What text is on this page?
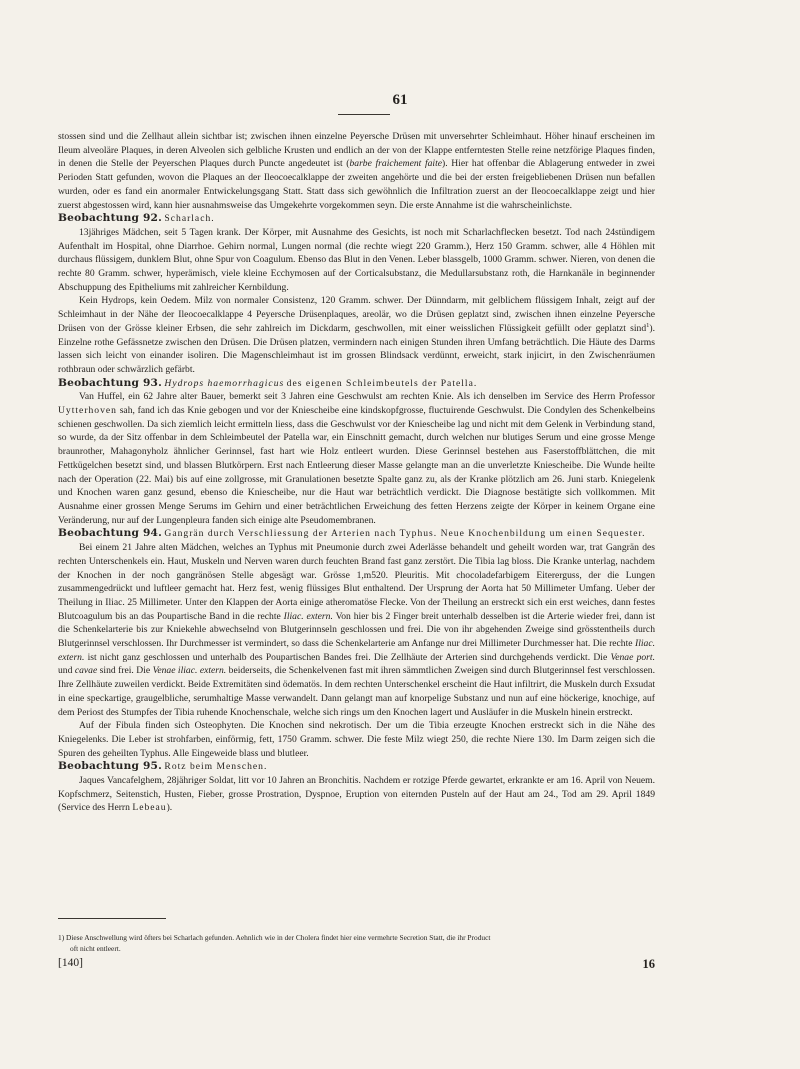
61

stossen sind und die Zellhaut allein sichtbar ist; zwischen ihnen einzelne Peyersche Drüsen mit unversehrter Schleimhaut. Höher hinauf erscheinen im Ileum alveoläre Plaques, in deren Alveolen sich gelbliche Krusten und endlich an der von der Klappe entferntesten Stelle reine netzförige Plaques finden, in denen die Stelle der Peyerschen Plaques durch Puncte angedeutet ist (barbe fraichement faite). Hier hat offenbar die Ablagerung entweder in zwei Perioden Statt gefunden, wovon die Plaques an der Ileocoecalklappe der zweiten angehörte und die bei der ersten freigebliebenen Drüsen nun befallen wurden, oder es fand ein anormaler Entwickelungsgang Statt. Statt dass sich gewöhnlich die Infiltration zuerst an der Ileocoecalklappe zeigt und hier zuerst abgestossen wird, kann hier ausnahmsweise das Umgekehrte vorgekommen seyn. Die erste Annahme ist die wahrscheinlichste.

Beobachtung 92. Scharlach.

13jähriges Mädchen, seit 5 Tagen krank. Der Körper, mit Ausnahme des Gesichts, ist noch mit Scharlachflecken besetzt. Tod nach 24stündigem Aufenthalt im Hospital, ohne Diarrhoe. Gehirn normal, Lungen normal (die rechte wiegt 220 Gramm.), Herz 150 Gramm. schwer, alle 4 Höhlen mit durchaus flüssigem, dunklem Blut, ohne Spur von Coagulum. Ebenso das Blut in den Venen. Leber blassgelb, 1000 Gramm. schwer. Nieren, von denen die rechte 80 Gramm. schwer, hyperämisch, viele kleine Ecchymosen auf der Corticalsubstanz, die Medullarsubstanz roth, die Harnkanäle in beginnender Abschuppung des Epitheliums mit zahlreicher Kernbildung.

Kein Hydrops, kein Oedem. Milz von normaler Consistenz, 120 Gramm. schwer. Der Dünndarm, mit gelblichem flüssigem Inhalt, zeigt auf der Schleimhaut in der Nähe der Ileocoecalklappe 4 Peyersche Drüsenplaques, areolär, wo die Drüsen geplatzt sind, zwischen ihnen einzelne Peyersche Drüsen von der Grösse kleiner Erbsen, die sehr zahlreich im Dickdarm, geschwollen, mit einer weisslichen Flüssigkeit gefüllt oder geplatzt sind$^1$). Einzelne rothe Gefässnetze zwischen den Drüsen. Die Drüsen platzen, vermindern nach einigen Stunden ihren Umfang beträchtlich. Die Häute des Darms lassen sich leicht von einander isoliren. Die Magenschleimhaut ist im grossen Blindsack verdünnt, erweicht, stark injicirt, in den Zwischenräumen rothbraun oder schwärzlich gefärbt.

Beobachtung 93. Hydrops haemorrhagicus des eigenen Schleimbeutels der Patella.

Van Huffel, ein 62 Jahre alter Bauer, bemerkt seit 3 Jahren eine Geschwulst am rechten Knie. Als ich denselben im Service des Herrn Professor Uytterhoven sah, fand ich das Knie gebogen und vor der Kniescheibe eine kindskopfgrosse, fluctuirende Geschwulst. Die Condylen des Schenkelbeins schienen geschwollen. Da sich ziemlich leicht ermitteln liess, dass die Geschwulst vor der Kniescheibe lag und nicht mit dem Gelenk in Verbindung stand, so wurde, da der Sitz offenbar in dem Schleimbeutel der Patella war, ein Einschnitt gemacht, durch welchen nur blutiges Serum und eine grosse Menge braunrother, Mahagonyholz ähnlicher Gerinnsel, fast hart wie Holz entleert wurden. Diese Gerinnsel bestehen aus Faserstoffblättchen, die mit Fettkügelchen besetzt sind, und blassen Blutkörpern. Erst nach Entleerung dieser Masse gelangte man an die unverletzte Kniescheibe. Die Wunde heilte nach der Operation (22. Mai) bis auf eine zollgrosse, mit Granulationen besetzte Spalte ganz zu, als der Kranke plötzlich am 26. Juni starb. Kniegelenk und Knochen waren ganz gesund, ebenso die Kniescheibe, nur die Haut war beträchtlich verdickt. Die Diagnose bestätigte sich vollkommen. Mit Ausnahme einer grossen Menge Serums im Gehirn und einer beträchtlichen Erweichung des fetten Herzens zeigte der Körper in keinem Organe eine Veränderung, nur auf der Lungenpleura fanden sich einige alte Pseudomembranen.

Beobachtung 94. Gangrän durch Verschliessung der Arterien nach Typhus. Neue Knochenbildung um einen Sequester.

Bei einem 21 Jahre alten Mädchen, welches an Typhus mit Pneumonie durch zwei Aderlässe behandelt und geheilt worden war, trat Gangrän des rechten Unterschenkels ein. Haut, Muskeln und Nerven waren durch feuchten Brand fast ganz zerstört. Die Tibia lag bloss. Die Kranke unterlag, nachdem der Knochen in der noch gangränösen Stelle abgesägt war. Grösse 1,m520. Pleuritis. Mit chocoladefarbigem Eitererguss, der die Lungen zusammengedrückt und luftleer gemacht hat. Herz fest, wenig flüssiges Blut enthaltend. Der Ursprung der Aorta hat 50 Millimeter Umfang. Ueber der Theilung in Iliac. 25 Millimeter. Unter den Klappen der Aorta einige atheromatöse Flecke. Von der Theilung an erstreckt sich ein erst weiches, dann festes Blutcoagulum bis an das Poupartische Band in die rechte Iliac. extern. Von hier bis 2 Finger breit unterhalb desselben ist die Arterie wieder frei, dann ist die Schenkelarterie bis zur Kniekehle abwechselnd von Blutgerinnseln geschlossen und frei. Die von ihr abgehenden Zweige sind grösstentheils durch Blutgerinnsel verschlossen. Ihr Durchmesser ist vermindert, so dass die Schenkelarterie am Anfange nur drei Millimeter Durchmesser hat. Die rechte Iliac. extern. ist nicht ganz geschlossen und unterhalb des Poupartischen Bandes frei. Die Zellhäute der Arterien sind durchgehends verdickt. Die Venae port. und cavae sind frei. Die Venae iliac. extern. beiderseits, die Schenkelvenen fast mit ihren sämmtlichen Zweigen sind durch Blutgerinnsel fest verschlossen. Ihre Zellhäute zuweilen verdickt. Beide Extremitäten sind ödematös. In dem rechten Unterschenkel erscheint die Haut infiltrirt, die Muskeln durch Exsudat in eine speckartige, graugelbliche, serumhaltige Masse verwandelt. Dann gelangt man auf knorpelige Substanz und nun auf eine höckerige, knochige, auf dem Periost des Stumpfes der Tibia ruhende Knochenschale, welche sich rings um den Knochen lagert und Ausläufer in die Muskeln hinein erstreckt.

Auf der Fibula finden sich Osteophyten. Die Knochen sind nekrotisch. Der um die Tibia erzeugte Knochen erstreckt sich in die Nähe des Kniegelenks. Die Leber ist strohfarben, einförmig, fett, 1750 Gramm. schwer. Die feste Milz wiegt 250, die rechte Niere 130. Im Darm zeigen sich die Spuren des geheilten Typhus. Alle Eingeweide blass und blutleer.

Beobachtung 95. Rotz beim Menschen.

Jaques Vancafelghem, 28jähriger Soldat, litt vor 10 Jahren an Bronchitis. Nachdem er rotzige Pferde gewartet, erkrankte er am 16. April von Neuem. Kopfschmerz, Seitenstich, Husten, Fieber, grosse Prostration, Dyspnoe, Eruption von eiternden Pusteln auf der Haut am 24., Tod am 29. April 1849 (Service des Herrn Lebeau).

1) Diese Anschwellung wird öfters bei Scharlach gefunden. Aehnlich wie in der Cholera findet hier eine vermehrte Secretion Statt, die ihr Product
oft nicht entleert.
[140]	16
